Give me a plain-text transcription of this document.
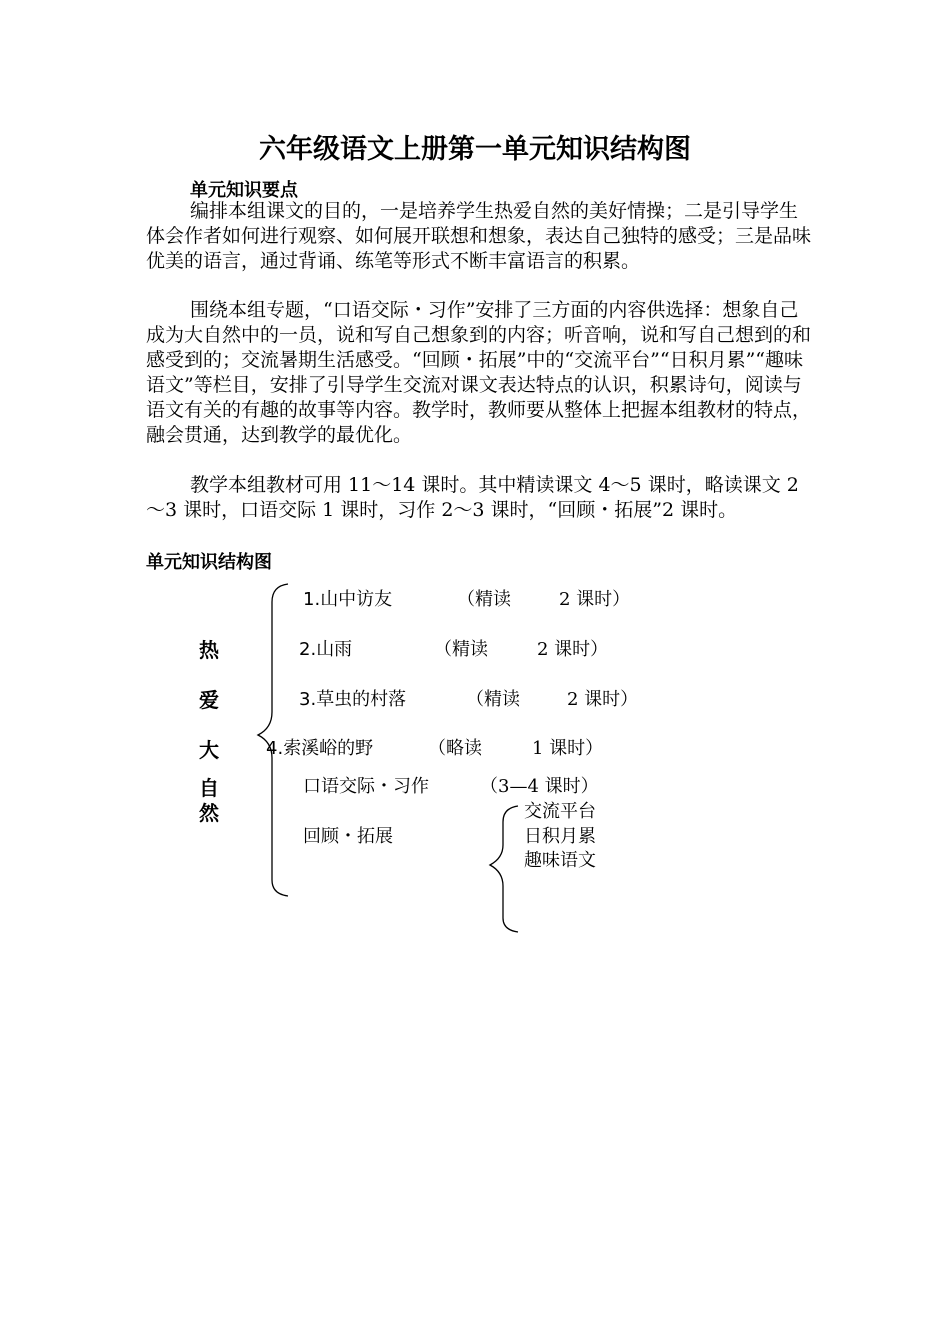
六年级语文上册第一单元知识结构图
单元知识要点

编排本组课文的目的，一是培养学生热爱自然的美好情操；二是引导学生体会作者如何进行观察、如何展开联想和想象，表达自己独特的感受；三是品味优美的语言，通过背诵、练笔等形式不断丰富语言的积累。

围绕本组专题，“口语交际・习作”安排了三方面的内容供选择：想象自己成为大自然中的一员，说和写自己想象到的内容；听音响，说和写自己想到的和感受到的；交流暑期生活感受。“回顾・拓展”中的“交流平台”“日积月累”“趣味语文”等栏目，安排了引导学生交流对课文表达特点的认识，积累诗句，阅读与语文有关的有趣的故事等内容。教学时，教师要从整体上把握本组教材的特点，融会贯通，达到教学的最优化。

教学本组教材可用 11～14 课时。其中精读课文 4～5 课时，略读课文 2～3 课时，口语交际 1 课时，习作 2～3 课时，“回顾・拓展”2 课时。

单元知识结构图
热
爱
大
自
然
1.山中访友	（精读	2 课时）
2.山雨	（精读	2 课时）
3.草虫的村落	（精读	2 课时）
4.索溪峪的野	（略读	1 课时）
口语交际・习作	（3—4 课时）
回顾・拓展
交流平台
日积月累
趣味语文
